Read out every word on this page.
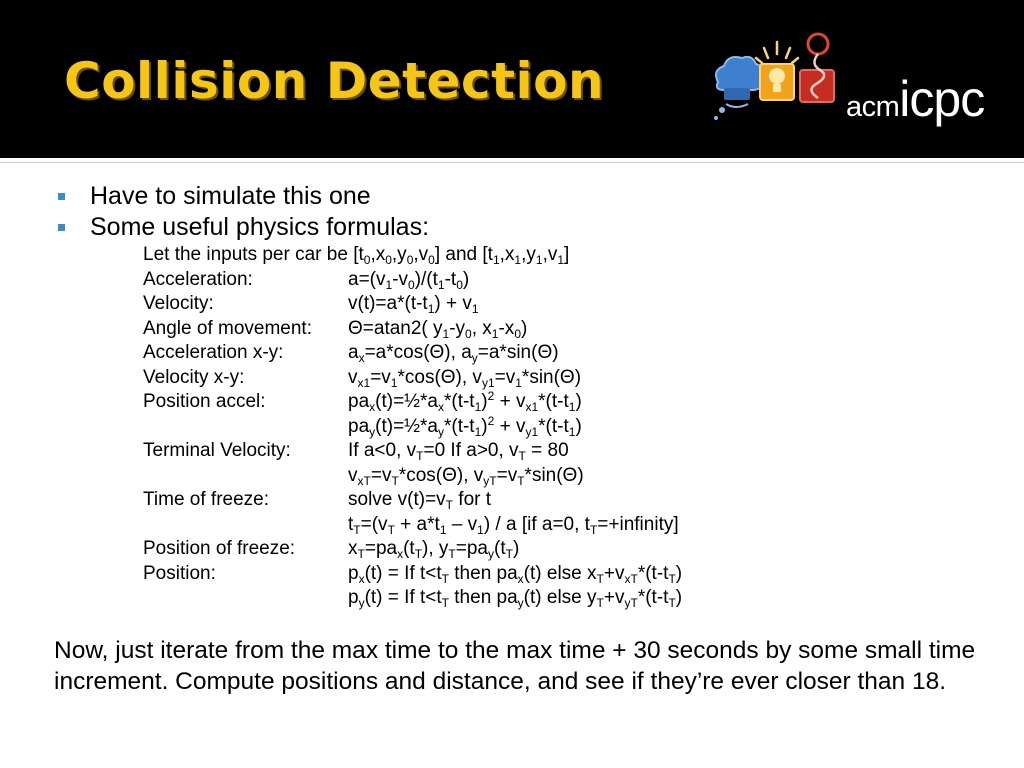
Collision Detection	acmicpc
Have to simulate this one
Some useful physics formulas:
Let the inputs per car be $[t_0,x_0,y_0,v_0]$ and $[t_1,x_1,y_1,v_1]$
Acceleration:	$a=(v_1-v_0)/(t_1-t_0)$
Velocity:	$v(t)=a*(t-t_1) + v_1$
Angle of movement:	Θ=atan2( $y_1-y_0$, $x_1-x_0$)
Acceleration x-y:	$a_x=a*\cos(\Theta)$, $a_y=a*\sin(\Theta)$
Velocity x-y:	$v_{x1}=v_1*\cos(\Theta)$, $v_{y1}=v_1*\sin(\Theta)$
Position accel:	$pa_x(t)=\frac{1}{2}*a_x*(t-t_1)^2 + v_{x1}*(t-t_1)$
$pa_y(t)=\frac{1}{2}*a_y*(t-t_1)^2 + v_{y1}*(t-t_1)$
Terminal Velocity:	If a<0, $v_T=0$ If a>0, $v_T = 80$
$v_{xT}=v_T*\cos(\Theta)$, $v_{yT}=v_T*\sin(\Theta)$
Time of freeze:	solve $v(t)=v_T$ for t
$t_T=(v_T + a*t_1 - v_1) / a$ [if a=0, $t_T=+infinity$]
Position of freeze:	$x_T=pa_x(t_T)$, $y_T=pa_y(t_T)$
Position:	$p_x(t) = If$ $t<t_T$ then $pa_x(t)$ else $x_T+v_{xT}*(t-t_T)$
$p_y(t) = If$ $t<t_T$ then $pa_y(t)$ else $y_T+v_{yT}*(t-t_T)$

Now, just iterate from the max time to the max time + 30 seconds by some small time increment. Compute positions and distance, and see if they’re ever closer than 18.
